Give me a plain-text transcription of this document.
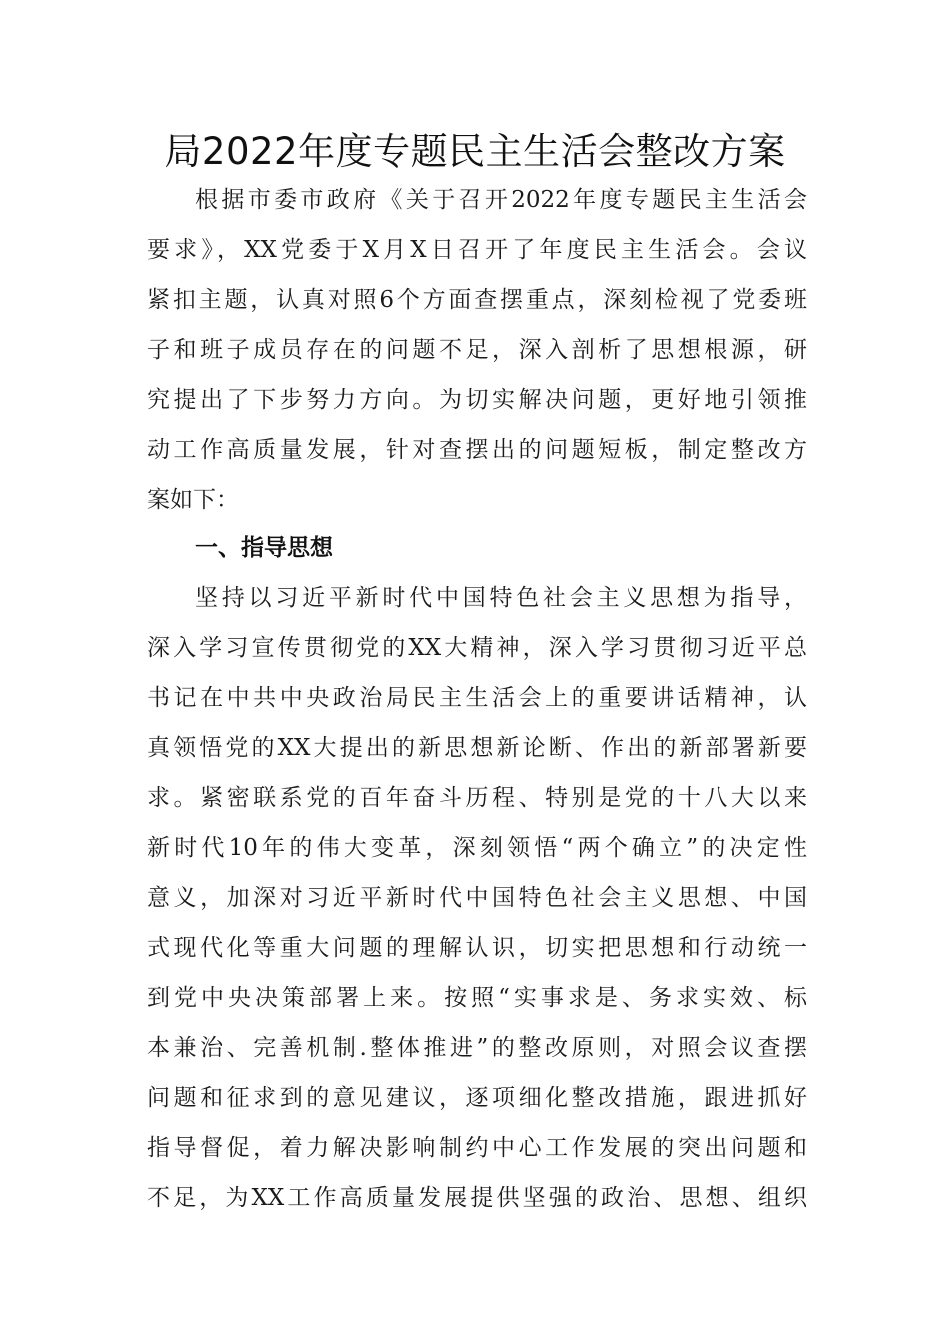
局2022年度专题民主生活会整改方案
根据市委市政府《关于召开2022年度专题民主生活会
要求》，XX党委于X月X日召开了年度民主生活会。会议
紧扣主题，认真对照6个方面查摆重点，深刻检视了党委班
子和班子成员存在的问题不足，深入剖析了思想根源，研
究提出了下步努力方向。为切实解决问题，更好地引领推
动工作高质量发展，针对查摆出的问题短板，制定整改方
案如下：
一、指导思想
坚持以习近平新时代中国特色社会主义思想为指导，
深入学习宣传贯彻党的XX大精神，深入学习贯彻习近平总
书记在中共中央政治局民主生活会上的重要讲话精神，认
真领悟党的XX大提出的新思想新论断、作出的新部署新要
求。紧密联系党的百年奋斗历程、特别是党的十八大以来
新时代10年的伟大变革，深刻领悟“两个确立”的决定性
意义，加深对习近平新时代中国特色社会主义思想、中国
式现代化等重大问题的理解认识，切实把思想和行动统一
到党中央决策部署上来。按照“实事求是、务求实效、标
本兼治、完善机制.整体推进”的整改原则，对照会议查摆
问题和征求到的意见建议，逐项细化整改措施，跟进抓好
指导督促，着力解决影响制约中心工作发展的突出问题和
不足，为XX工作高质量发展提供坚强的政治、思想、组织
